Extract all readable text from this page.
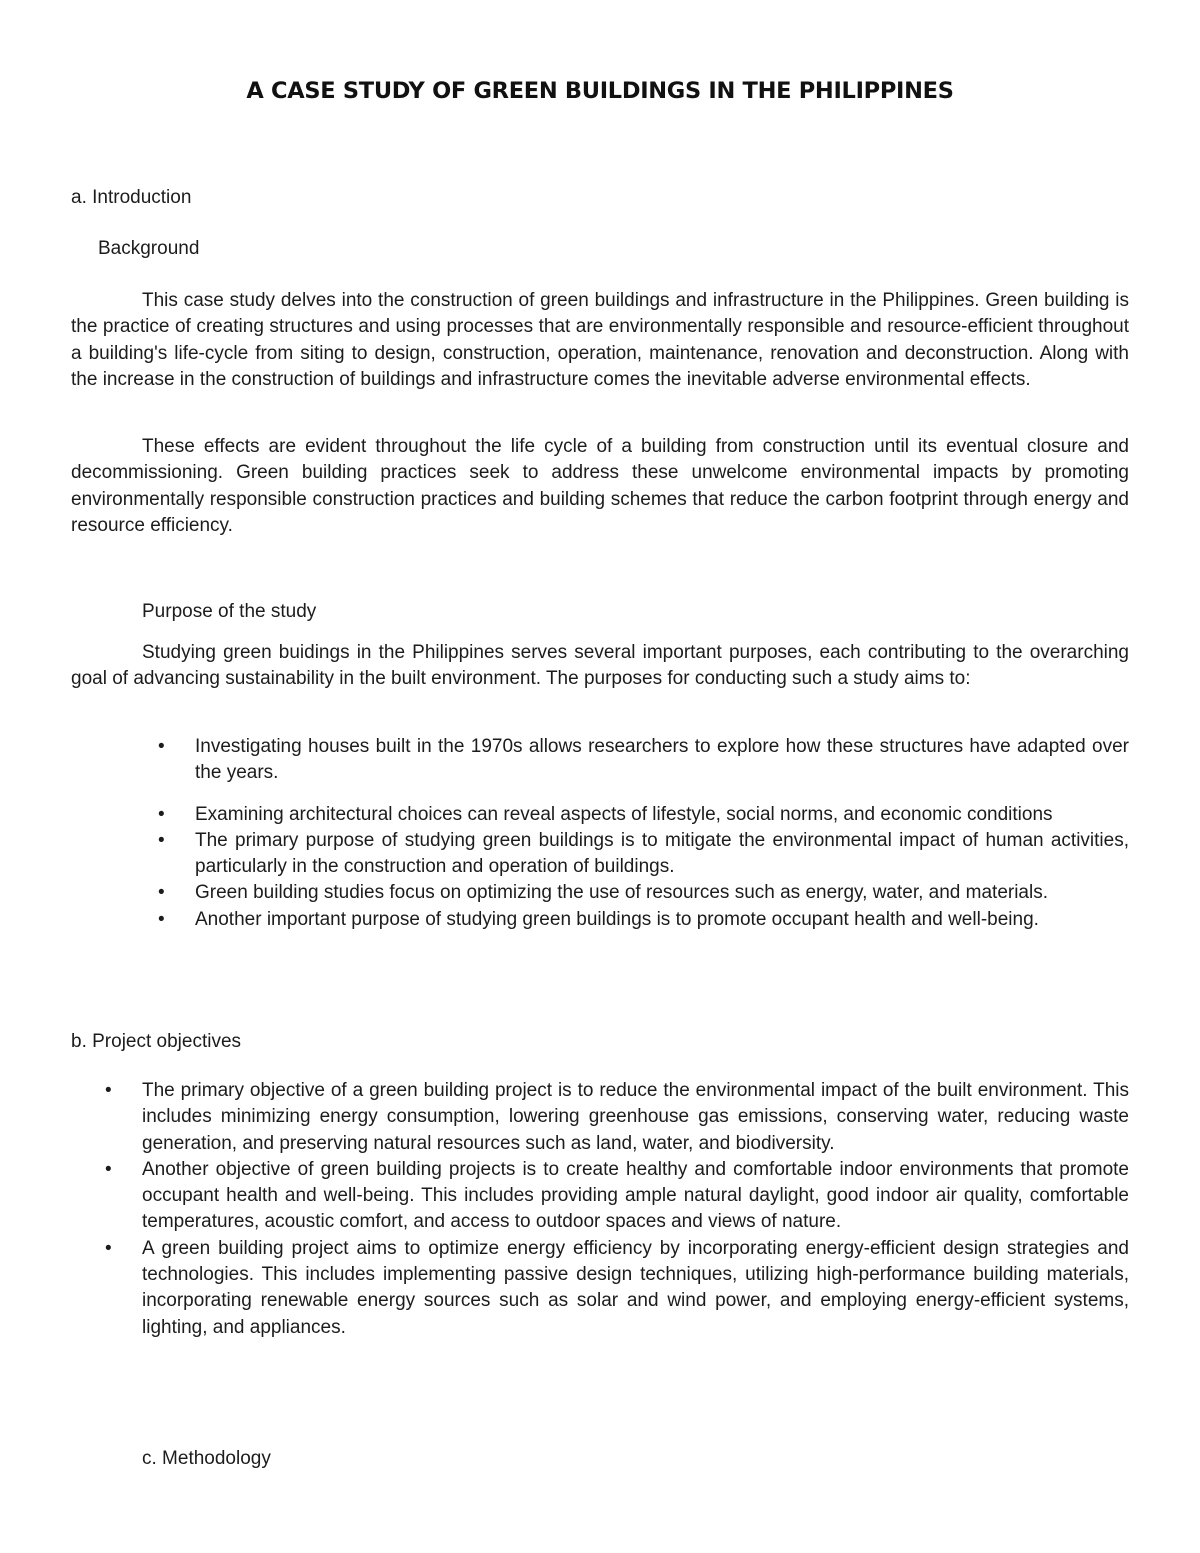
A CASE STUDY OF GREEN BUILDINGS IN THE PHILIPPINES
a. Introduction
Background

This case study delves into the construction of green buildings and infrastructure in the Philippines. Green building is the practice of creating structures and using processes that are environmentally responsible and resource-efficient throughout a building's life-cycle from siting to design, construction, operation, maintenance, renovation and deconstruction. Along with the increase in the construction of buildings and infrastructure comes the inevitable adverse environmental effects.

These effects are evident throughout the life cycle of a building from construction until its eventual closure and decommissioning. Green building practices seek to address these unwelcome environmental impacts by promoting environmentally responsible construction practices and building schemes that reduce the carbon footprint through energy and resource efficiency.

Purpose of the study

Studying green buidings in the Philippines serves several important purposes, each contributing to the overarching goal of advancing sustainability in the built environment. The purposes for conducting such a study aims to:

• Investigating houses built in the 1970s allows researchers to explore how these structures have adapted over the years.
• Examining architectural choices can reveal aspects of lifestyle, social norms, and economic conditions
• The primary purpose of studying green buildings is to mitigate the environmental impact of human activities, particularly in the construction and operation of buildings.
• Green building studies focus on optimizing the use of resources such as energy, water, and materials.
• Another important purpose of studying green buildings is to promote occupant health and well-being.
b. Project objectives
• The primary objective of a green building project is to reduce the environmental impact of the built environment. This includes minimizing energy consumption, lowering greenhouse gas emissions, conserving water, reducing waste generation, and preserving natural resources such as land, water, and biodiversity.
• Another objective of green building projects is to create healthy and comfortable indoor environments that promote occupant health and well-being. This includes providing ample natural daylight, good indoor air quality, comfortable temperatures, acoustic comfort, and access to outdoor spaces and views of nature.
• A green building project aims to optimize energy efficiency by incorporating energy-efficient design strategies and technologies. This includes implementing passive design techniques, utilizing high-performance building materials, incorporating renewable energy sources such as solar and wind power, and employing energy-efficient systems, lighting, and appliances.
c. Methodology
